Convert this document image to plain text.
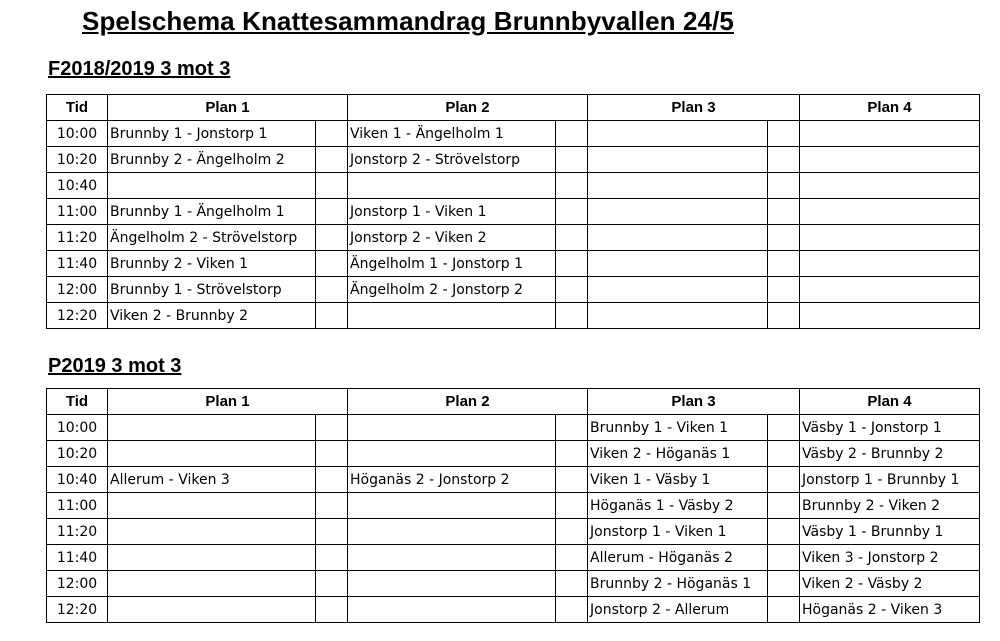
Spelschema Knattesammandrag Brunnbyvallen 24/5
F2018/2019 3 mot 3
Tid	Plan 1		Plan 2		Plan 3		Plan 4
10:00	Brunnby 1 - Jonstorp 1		Viken 1 - Ängelholm 1				
10:20	Brunnby 2 - Ängelholm 2		Jonstorp 2 - Strövelstorp				
10:40							
11:00	Brunnby 1 - Ängelholm 1		Jonstorp 1 - Viken 1				
11:20	Ängelholm 2 - Strövelstorp		Jonstorp 2 - Viken 2				
11:40	Brunnby 2 - Viken 1		Ängelholm 1 - Jonstorp 1				
12:00	Brunnby 1 - Strövelstorp		Ängelholm 2 - Jonstorp 2				
12:20	Viken 2 - Brunnby 2						
P2019 3 mot 3
Tid	Plan 1		Plan 2		Plan 3		Plan 4
10:00					Brunnby 1 - Viken 1		Väsby 1 - Jonstorp 1
10:20					Viken 2 - Höganäs 1		Väsby 2 - Brunnby 2
10:40	Allerum - Viken 3		Höganäs 2 - Jonstorp 2		Viken 1 - Väsby 1		Jonstorp 1 - Brunnby 1
11:00					Höganäs 1 - Väsby 2		Brunnby 2 - Viken 2
11:20					Jonstorp 1 - Viken 1		Väsby 1 - Brunnby 1
11:40					Allerum - Höganäs 2		Viken 3 - Jonstorp 2
12:00					Brunnby 2 - Höganäs 1		Viken 2 - Väsby 2
12:20					Jonstorp 2 - Allerum		Höganäs 2 - Viken 3
